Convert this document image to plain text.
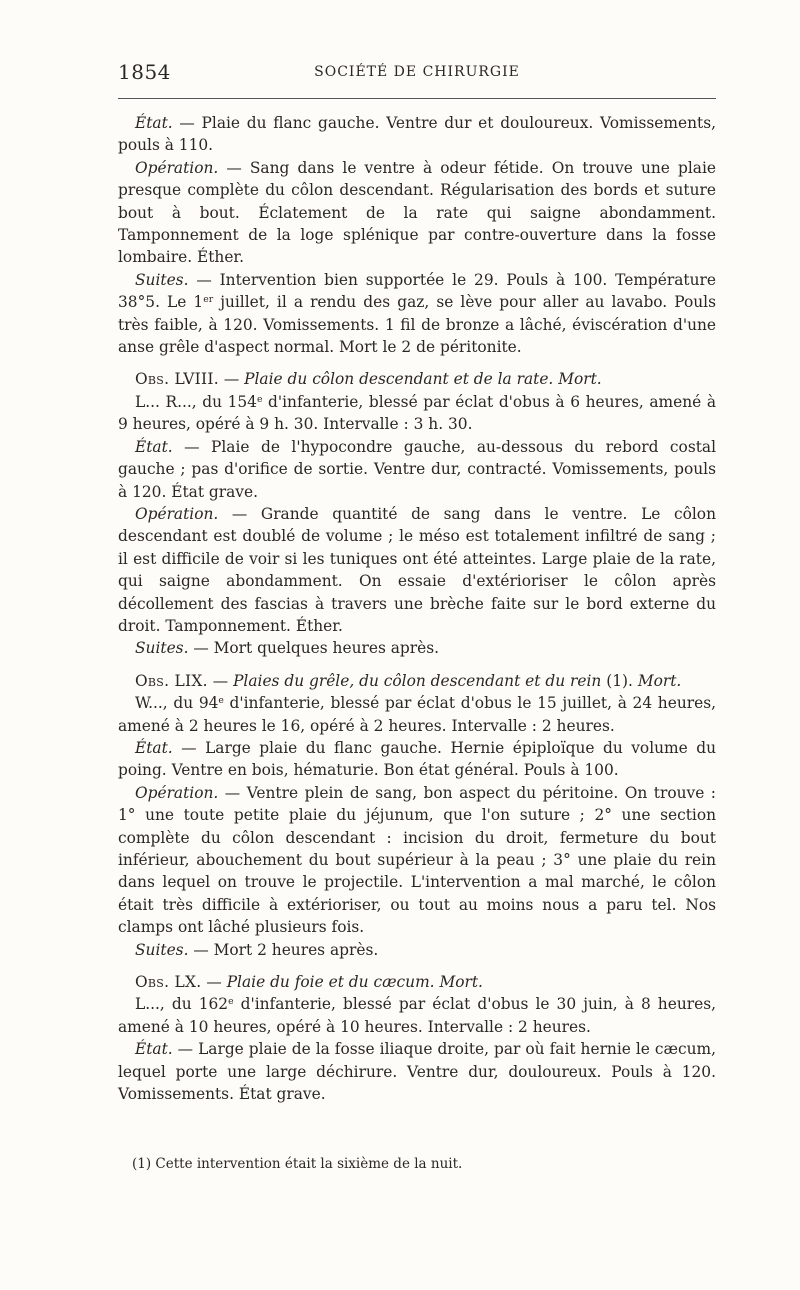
1854	SOCIÉTÉ DE CHIRURGIE

État. — Plaie du flanc gauche. Ventre dur et douloureux. Vomissements, pouls à 110.

Opération. — Sang dans le ventre à odeur fétide. On trouve une plaie presque complète du côlon descendant. Régularisation des bords et suture bout à bout. Éclatement de la rate qui saigne abondamment. Tamponnement de la loge splénique par contre-ouverture dans la fosse lombaire. Éther.

Suites. — Intervention bien supportée le 29. Pouls à 100. Température 38°5. Le 1er juillet, il a rendu des gaz, se lève pour aller au lavabo. Pouls très faible, à 120. Vomissements. 1 fil de bronze a lâché, éviscération d'une anse grêle d'aspect normal. Mort le 2 de péritonite.

Obs. LVIII. — Plaie du côlon descendant et de la rate. Mort.

L... R..., du 154e d'infanterie, blessé par éclat d'obus à 6 heures, amené à 9 heures, opéré à 9 h. 30. Intervalle : 3 h. 30.

État. — Plaie de l'hypocondre gauche, au-dessous du rebord costal gauche ; pas d'orifice de sortie. Ventre dur, contracté. Vomissements, pouls à 120. État grave.

Opération. — Grande quantité de sang dans le ventre. Le côlon descendant est doublé de volume ; le méso est totalement infiltré de sang ; il est difficile de voir si les tuniques ont été atteintes. Large plaie de la rate, qui saigne abondamment. On essaie d'extérioriser le côlon après décollement des fascias à travers une brèche faite sur le bord externe du droit. Tamponnement. Éther.

Suites. — Mort quelques heures après.

Obs. LIX. — Plaies du grêle, du côlon descendant et du rein (1). Mort.

W..., du 94e d'infanterie, blessé par éclat d'obus le 15 juillet, à 24 heures, amené à 2 heures le 16, opéré à 2 heures. Intervalle : 2 heures.

État. — Large plaie du flanc gauche. Hernie épiploïque du volume du poing. Ventre en bois, hématurie. Bon état général. Pouls à 100.

Opération. — Ventre plein de sang, bon aspect du péritoine. On trouve : 1° une toute petite plaie du jéjunum, que l'on suture ; 2° une section complète du côlon descendant : incision du droit, fermeture du bout inférieur, abouchement du bout supérieur à la peau ; 3° une plaie du rein dans lequel on trouve le projectile. L'intervention a mal marché, le côlon était très difficile à extérioriser, ou tout au moins nous a paru tel. Nos clamps ont lâché plusieurs fois.

Suites. — Mort 2 heures après.

Obs. LX. — Plaie du foie et du cæcum. Mort.

L..., du 162e d'infanterie, blessé par éclat d'obus le 30 juin, à 8 heures, amené à 10 heures, opéré à 10 heures. Intervalle : 2 heures.

État. — Large plaie de la fosse iliaque droite, par où fait hernie le cæcum, lequel porte une large déchirure. Ventre dur, douloureux. Pouls à 120. Vomissements. État grave.

(1) Cette intervention était la sixième de la nuit.
